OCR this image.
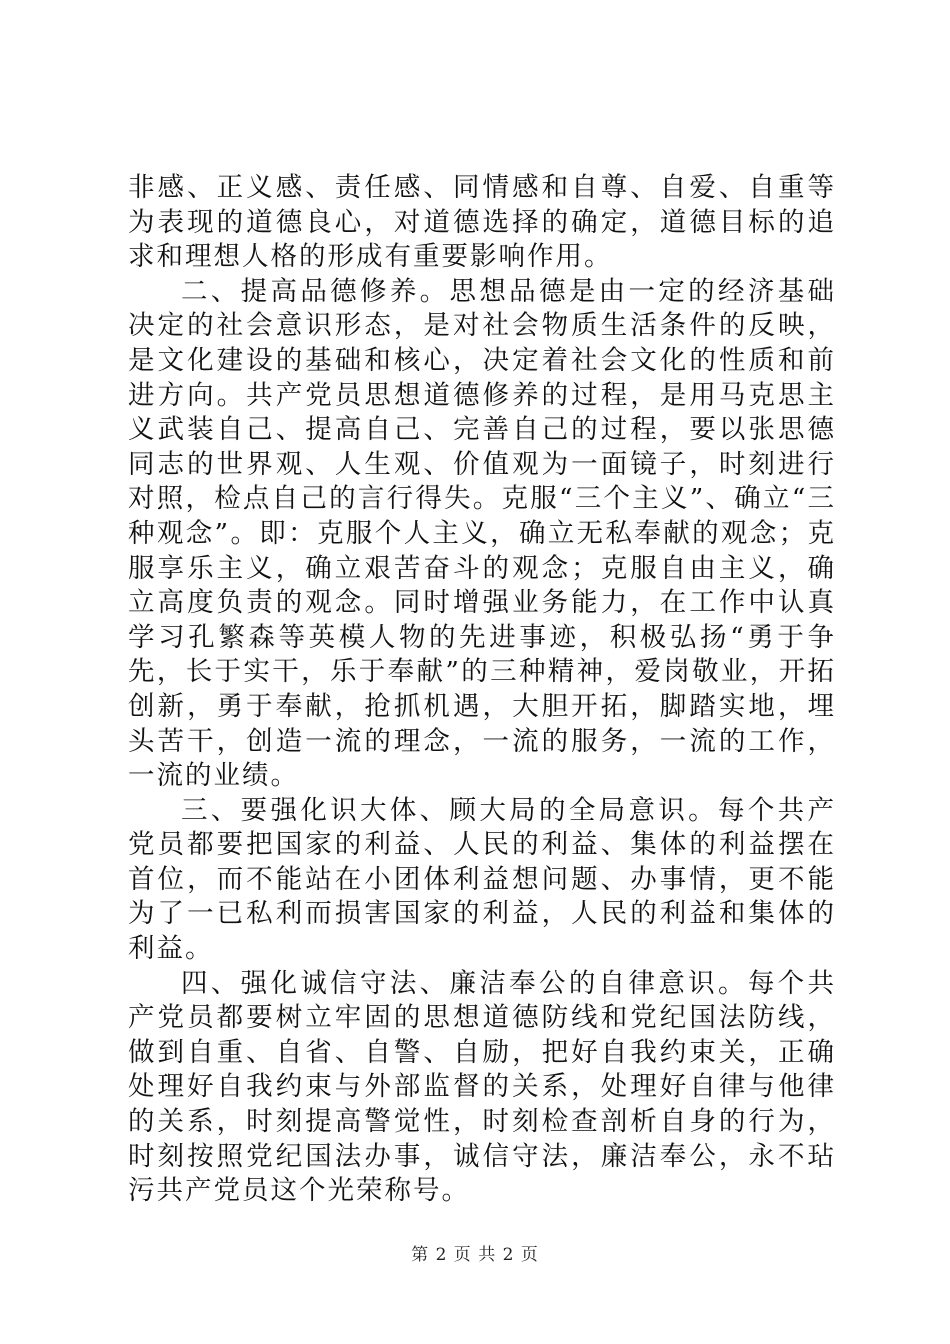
非感、正义感、责任感、同情感和自尊、自爱、自重等为表现的道德良心，对道德选择的确定，道德目标的追求和理想人格的形成有重要影响作用。

二、提高品德修养。思想品德是由一定的经济基础决定的社会意识形态，是对社会物质生活条件的反映，是文化建设的基础和核心，决定着社会文化的性质和前进方向。共产党员思想道德修养的过程，是用马克思主义武装自己、提高自己、完善自己的过程，要以张思德同志的世界观、人生观、价值观为一面镜子，时刻进行对照，检点自己的言行得失。克服“三个主义”、确立“三种观念”。即：克服个人主义，确立无私奉献的观念；克服享乐主义，确立艰苦奋斗的观念；克服自由主义，确立高度负责的观念。同时增强业务能力，在工作中认真学习孔繁森等英模人物的先进事迹，积极弘扬“勇于争先，长于实干，乐于奉献”的三种精神，爱岗敬业，开拓创新，勇于奉献，抢抓机遇，大胆开拓，脚踏实地，埋头苦干，创造一流的理念，一流的服务，一流的工作，一流的业绩。

三、要强化识大体、顾大局的全局意识。每个共产党员都要把国家的利益、人民的利益、集体的利益摆在首位，而不能站在小团体利益想问题、办事情，更不能为了一已私利而损害国家的利益，人民的利益和集体的利益。

四、强化诚信守法、廉洁奉公的自律意识。每个共产党员都要树立牢固的思想道德防线和党纪国法防线，做到自重、自省、自警、自励，把好自我约束关，正确处理好自我约束与外部监督的关系，处理好自律与他律的关系，时刻提高警觉性，时刻检查剖析自身的行为，时刻按照党纪国法办事，诚信守法，廉洁奉公，永不玷污共产党员这个光荣称号。

第 2 页 共 2 页
